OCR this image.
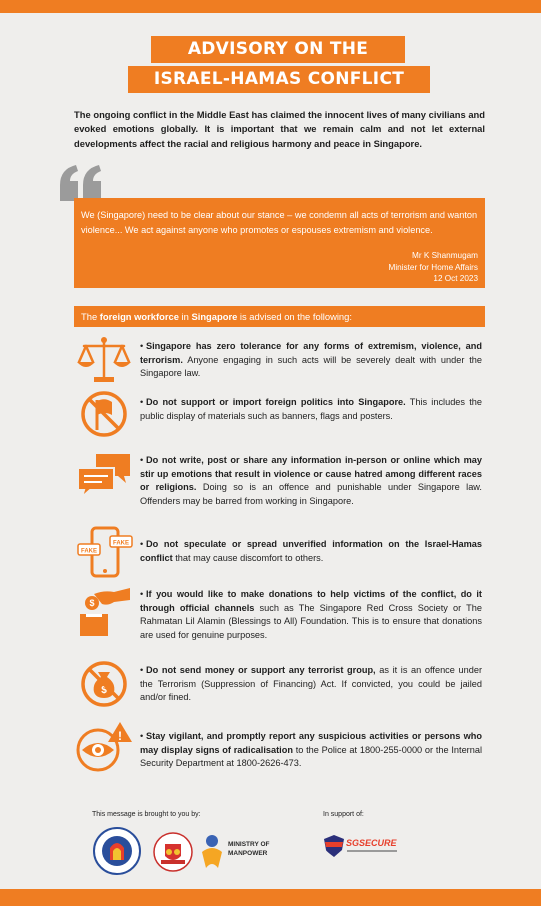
ADVISORY ON THE
ISRAEL-HAMAS CONFLICT

The ongoing conflict in the Middle East has claimed the innocent lives of many civilians and evoked emotions globally. It is important that we remain calm and not let external developments affect the racial and religious harmony and peace in Singapore.

We (Singapore) need to be clear about our stance – we condemn all acts of terrorism and wanton violence... We act against anyone who promotes or espouses extremism and violence.

Mr K Shanmugam
Minister for Home Affairs
12 Oct 2023
The foreign workforce in Singapore is advised on the following:

• Singapore has zero tolerance for any forms of extremism, violence, and terrorism. Anyone engaging in such acts will be severely dealt with under the Singapore law.

• Do not support or import foreign politics into Singapore. This includes the public display of materials such as banners, flags and posters.

• Do not write, post or share any information in-person or online which may stir up emotions that result in violence or cause hatred among different races or religions. Doing so is an offence and punishable under Singapore law. Offenders may be barred from working in Singapore.

FAKE
FAKE • Do not speculate or spread unverified information on the Israel-Hamas conflict that may cause discomfort to others.

$

• If you would like to make donations to help victims of the conflict, do it through official channels such as The Singapore Red Cross Society or The Rahmatan Lil Alamin (Blessings to All) Foundation. This is to ensure that donations are used for genuine purposes.

$

• Do not send money or support any terrorist group, as it is an offence under the Terrorism (Suppression of Financing) Act. If convicted, you could be jailed and/or fined.

! • Stay vigilant, and promptly report any suspicious activities or persons who may display signs of radicalisation to the Police at 1800-255-0000 or the Internal Security Department at 1800-2626-473.

This message is brought to you by:	In support of:
MINISTRY OF
MANPOWER
SGSECURE
